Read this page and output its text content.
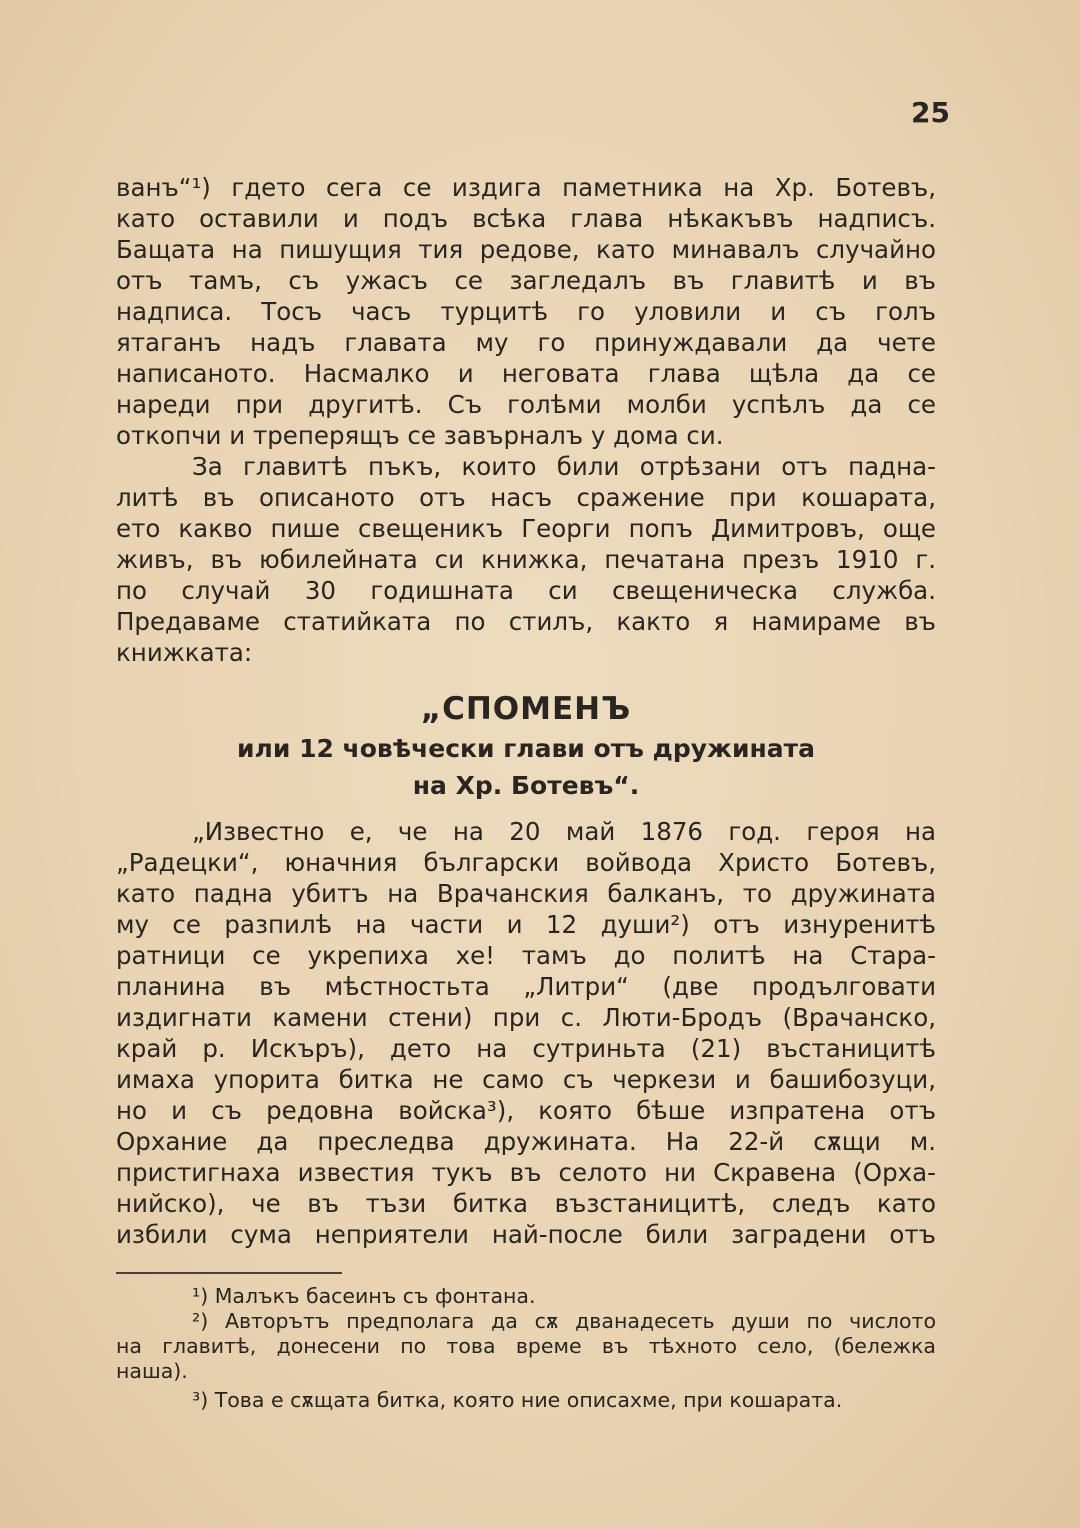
25
ванъ“¹) гдето сега се издига паметника на Хр. Ботевъ,
като оставили и подъ всѣка глава нѣкакъвъ надписъ.
Бащата на пишущия тия редове, като минавалъ случайно
отъ тамъ, съ ужасъ се загледалъ въ главитѣ и въ
надписа. Тосъ часъ турцитѣ го уловили и съ голъ
ятаганъ надъ главата му го принуждавали да чете
написаното. Насмалко и неговата глава щѣла да се
нареди при другитѣ. Съ голѣми молби успѣлъ да се
откопчи и треперящъ се завърналъ у дома си.
За главитѣ пъкъ, които били отрѣзани отъ падна-
литѣ въ описаното отъ насъ сражение при кошарата,
ето какво пише свещеникъ Георги попъ Димитровъ, още
живъ, въ юбилейната си книжка, печатана презъ 1910 г.
по случай 30 годишната си свещеническа служба.
Предаваме статийката по стилъ, както я намираме въ
книжката:
„СПОМЕНЪ
или 12 човѣчески глави отъ дружината
на Хр. Ботевъ“.
„Известно е, че на 20 май 1876 год. героя на
„Радецки“, юначния български войвода Христо Ботевъ,
като падна убитъ на Врачанския балканъ, то дружината
му се разпилѣ на части и 12 души²) отъ изнуренитѣ
ратници се укрепиха хе! тамъ до политѣ на Стара-
планина въ мѣстностьта „Литри“ (две продълговати
издигнати камени стени) при с. Люти-Бродъ (Врачанско,
край р. Искъръ), дето на сутриньта (21) въстаницитѣ
имаха упорита битка не само съ черкези и башибозуци,
но и съ редовна войска³), която бѣше изпратена отъ
Орхание да преследва дружината. На 22-й сѫщи м.
пристигнаха известия тукъ въ селото ни Скравена (Орха-
нийско), че въ тъзи битка възстаницитѣ, следъ като
избили сума неприятели най-после били заградени отъ
¹) Малъкъ басеинъ съ фонтана.
²) Авторътъ предполага да сѫ дванадесеть души по числото
на главитѣ, донесени по това време въ тѣхното село, (бележка
наша).
³) Това е сѫщата битка, която ние описахме, при кошарата.
